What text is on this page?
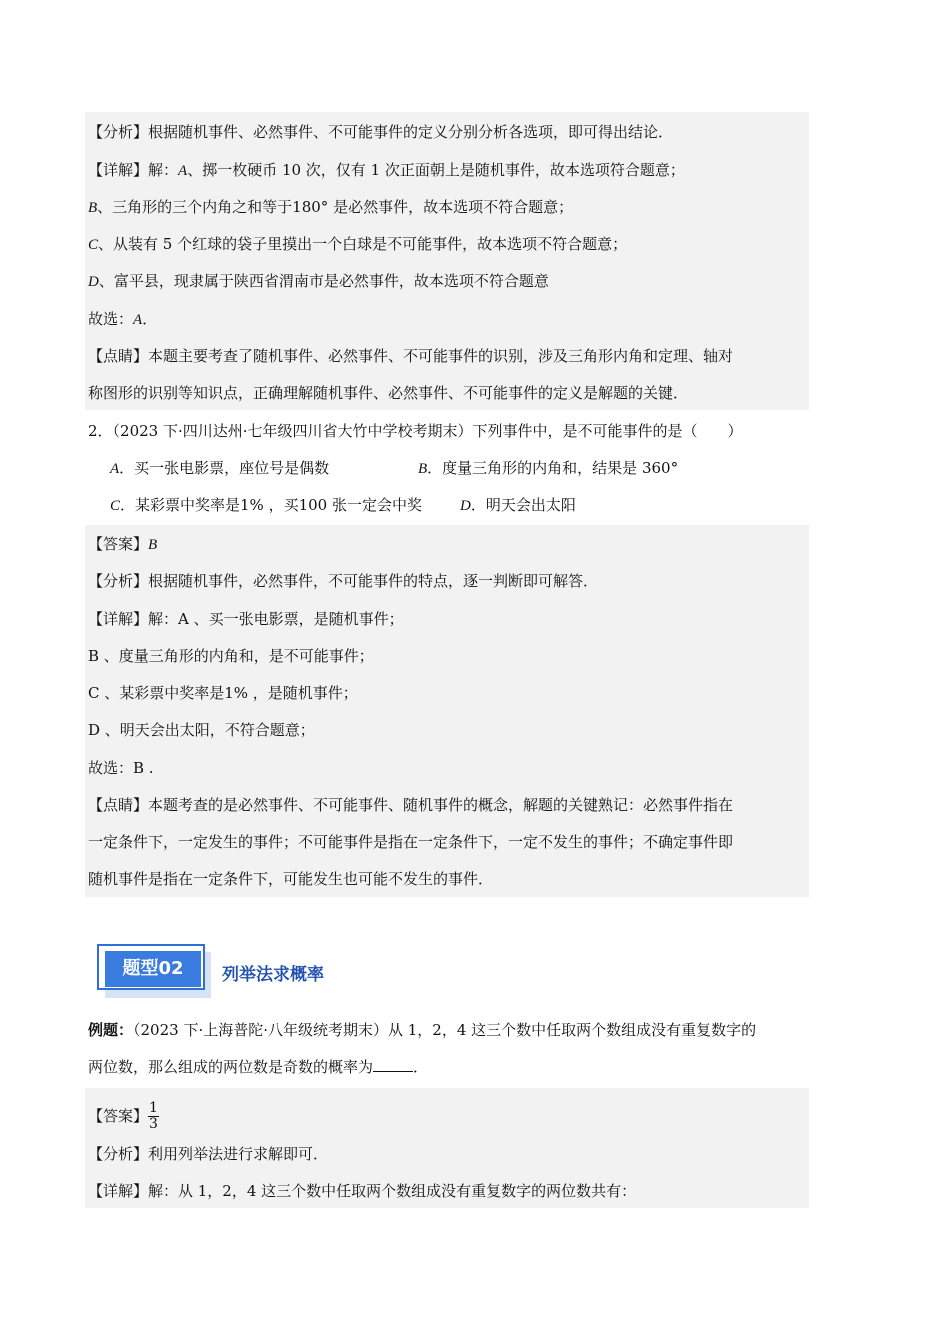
【分析】根据随机事件、必然事件、不可能事件的定义分别分析各选项，即可得出结论．
【详解】解：A、掷一枚硬币 10 次，仅有 1 次正面朝上是随机事件，故本选项符合题意；
B、三角形的三个内角之和等于180° 是必然事件，故本选项不符合题意；
C、从装有 5 个红球的袋子里摸出一个白球是不可能事件，故本选项不符合题意；
D、富平县，现隶属于陕西省渭南市是必然事件，故本选项不符合题意
故选：A．
【点睛】本题主要考查了随机事件、必然事件、不可能事件的识别，涉及三角形内角和定理、轴对
称图形的识别等知识点，正确理解随机事件、必然事件、不可能事件的定义是解题的关键．
2．（2023 下·四川达州·七年级四川省大竹中学校考期末）下列事件中，是不可能事件的是（　　）
A．买一张电影票，座位号是偶数	B．度量三角形的内角和，结果是 360°
C．某彩票中奖率是1% ，买100 张一定会中奖	D．明天会出太阳
【答案】B
【分析】根据随机事件，必然事件，不可能事件的特点，逐一判断即可解答．
【详解】解：A 、买一张电影票，是随机事件；
B 、度量三角形的内角和，是不可能事件；
C 、某彩票中奖率是1% ，是随机事件；
D 、明天会出太阳，不符合题意；
故选：B .
【点睛】本题考查的是必然事件、不可能事件、随机事件的概念，解题的关键熟记：必然事件指在
一定条件下，一定发生的事件；不可能事件是指在一定条件下，一定不发生的事件；不确定事件即
随机事件是指在一定条件下，可能发生也可能不发生的事件．
题型02	列举法求概率
例题：（2023 下·上海普陀·八年级统考期末）从 1，2，4 这三个数中任取两个数组成没有重复数字的
两位数，那么组成的两位数是奇数的概率为	．
【答案】 $\frac{1}{3}$
【分析】利用列举法进行求解即可．
【详解】解：从 1，2，4 这三个数中任取两个数组成没有重复数字的两位数共有：
